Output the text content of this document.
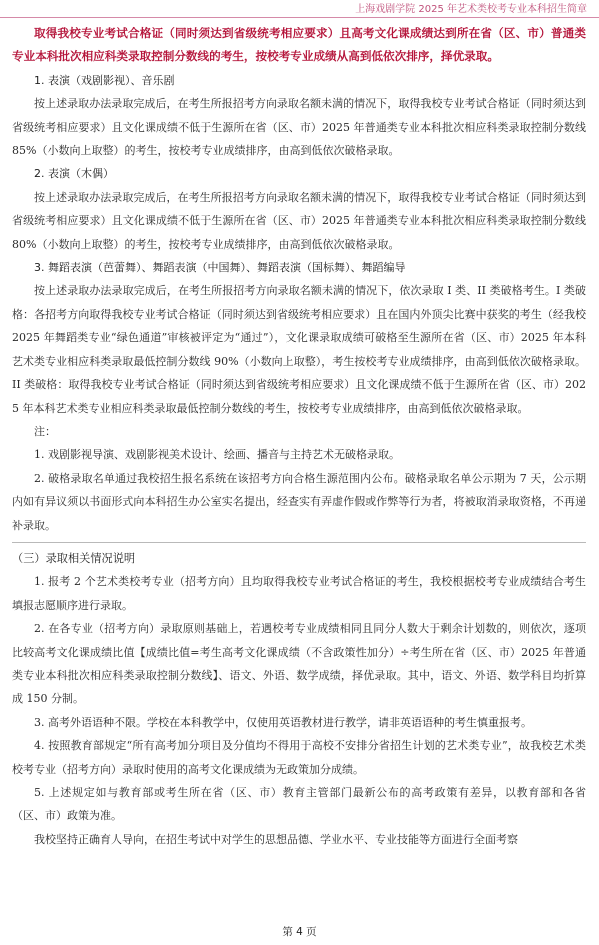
上海戏剧学院 2025 年艺术类校考专业本科招生简章

取得我校专业考试合格证（同时须达到省级统考相应要求）且高考文化课成绩达到所在省（区、市）普通类专业本科批次相应科类录取控制分数线的考生，按校考专业成绩从高到低依次排序，择优录取。

1. 表演（戏剧影视）、音乐剧

按上述录取办法录取完成后，在考生所报招考方向录取名额未满的情况下，取得我校专业考试合格证（同时须达到省级统考相应要求）且文化课成绩不低于生源所在省（区、市）2025 年普通类专业本科批次相应科类录取控制分数线 85%（小数向上取整）的考生，按校考专业成绩排序，由高到低依次破格录取。

2. 表演（木偶）

按上述录取办法录取完成后，在考生所报招考方向录取名额未满的情况下，取得我校专业考试合格证（同时须达到省级统考相应要求）且文化课成绩不低于生源所在省（区、市）2025 年普通类专业本科批次相应科类录取控制分数线 80%（小数向上取整）的考生，按校考专业成绩排序，由高到低依次破格录取。

3. 舞蹈表演（芭蕾舞）、舞蹈表演（中国舞）、舞蹈表演（国标舞）、舞蹈编导

按上述录取办法录取完成后，在考生所报招考方向录取名额未满的情况下，依次录取 I 类、II 类破格考生。I 类破格：各招考方向取得我校专业考试合格证（同时须达到省级统考相应要求）且在国内外顶尖比赛中获奖的考生（经我校 2025 年舞蹈类专业“绿色通道”审核被评定为“通过”），文化课录取成绩可破格至生源所在省（区、市）2025 年本科艺术类专业相应科类录取最低控制分数线 90%（小数向上取整），考生按校考专业成绩排序，由高到低依次破格录取。II 类破格：取得我校专业考试合格证（同时须达到省级统考相应要求）且文化课成绩不低于生源所在省（区、市）2025 年本科艺术类专业相应科类录取最低控制分数线的考生，按校考专业成绩排序，由高到低依次破格录取。

注：

1. 戏剧影视导演、戏剧影视美术设计、绘画、播音与主持艺术无破格录取。

2. 破格录取名单通过我校招生报名系统在该招考方向合格生源范围内公布。破格录取名单公示期为 7 天，公示期内如有异议须以书面形式向本科招生办公室实名提出，经查实有弄虚作假或作弊等行为者，将被取消录取资格，不再递补录取。

（三）录取相关情况说明

1. 报考 2 个艺术类校考专业（招考方向）且均取得我校专业考试合格证的考生，我校根据校考专业成绩结合考生填报志愿顺序进行录取。

2. 在各专业（招考方向）录取原则基础上，若遇校考专业成绩相同且同分人数大于剩余计划数的，则依次，逐项比较高考文化课成绩比值【成绩比值=考生高考文化课成绩（不含政策性加分）÷考生所在省（区、市）2025 年普通类专业本科批次相应科类录取控制分数线】、语文、外语、数学成绩，择优录取。其中，语文、外语、数学科目均折算成 150 分制。

3. 高考外语语种不限。学校在本科教学中，仅使用英语教材进行教学，请非英语语种的考生慎重报考。

4. 按照教育部规定“所有高考加分项目及分值均不得用于高校不安排分省招生计划的艺术类专业”，故我校艺术类校考专业（招考方向）录取时使用的高考文化课成绩为无政策加分成绩。

5. 上述规定如与教育部或考生所在省（区、市）教育主管部门最新公布的高考政策有差异，以教育部和各省（区、市）政策为准。

我校坚持正确育人导向，在招生考试中对学生的思想品德、学业水平、专业技能等方面进行全面考察

第 4 页
